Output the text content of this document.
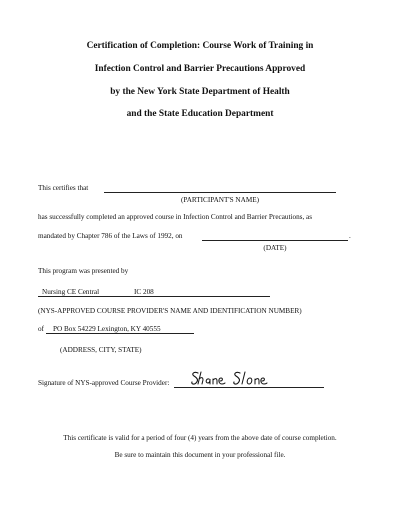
Certification of Completion: Course Work of Training in
Infection Control and Barrier Precautions Approved
by the New York State Department of Health
and the State Education Department
This certifies that
(PARTICIPANT'S NAME)
has successfully completed an approved course in Infection Control and Barrier Precautions, as
mandated by Chapter 786 of the Laws of 1992, on	.
(DATE)
This program was presented by
Nursing CE Central	IC 208
(NYS-APPROVED COURSE PROVIDER'S NAME AND IDENTIFICATION NUMBER)
of PO Box 54229 Lexington, KY 40555
(ADDRESS, CITY, STATE)
Signature of NYS-approved Course Provider:
This certificate is valid for a period of four (4) years from the above date of course completion.
Be sure to maintain this document in your professional file.
